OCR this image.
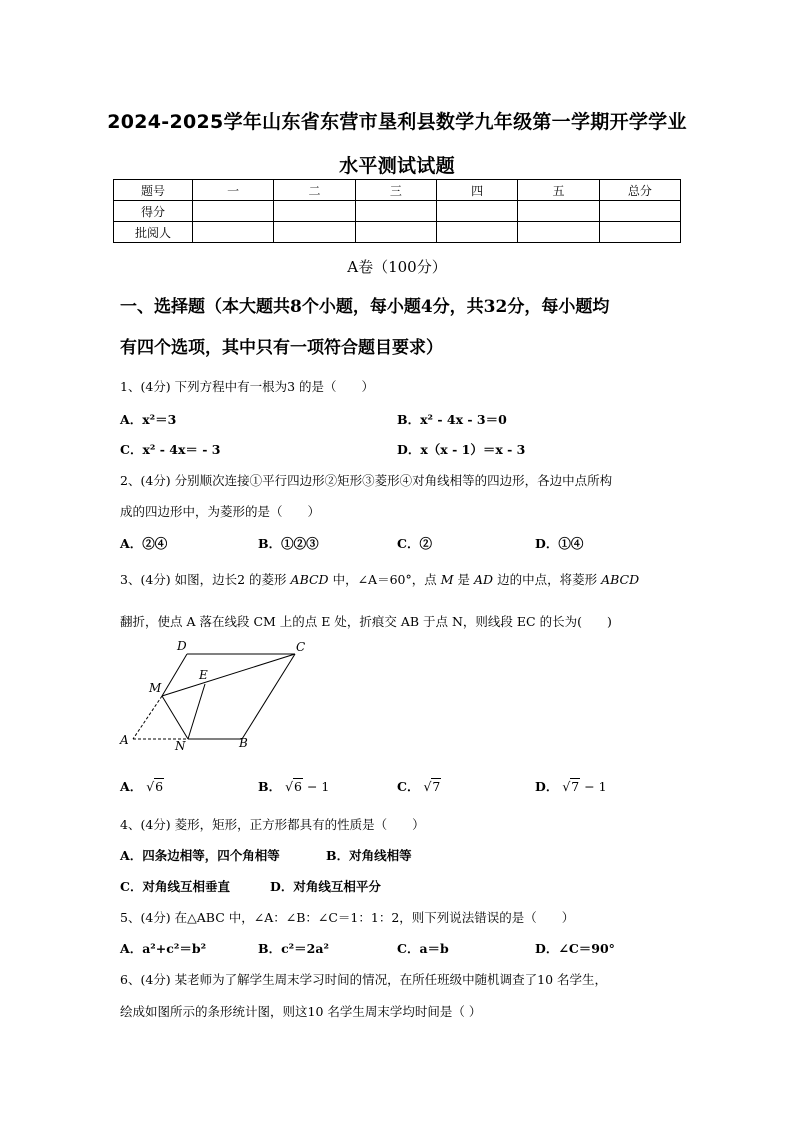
2024-2025学年山东省东营市垦利县数学九年级第一学期开学学业
水平测试试题
题号	一	二	三	四	五	总分
得分						
批阅人						
A卷（100分）
一、选择题（本大题共8个小题，每小题4分，共32分，每小题均
有四个选项，其中只有一项符合题目要求）
1、(4分) 下列方程中有一根为3 的是（　　）
A．x²＝3	B．x² - 4x - 3＝0
C．x² - 4x＝ - 3	D．x（x - 1）＝x - 3
2、(4分) 分别顺次连接①平行四边形②矩形③菱形④对角线相等的四边形，各边中点所构
成的四边形中，为菱形的是（　　）
A．②④	B．①②③	C．②	D．①④
3、(4分) 如图，边长2 的菱形 ABCD 中，∠A＝60°，点 M 是 AD 边的中点，将菱形 ABCD
翻折，使点 A 落在线段 CM 上的点 E 处，折痕交 AB 于点 N，则线段 EC 的长为(　　)
D	C
E
M
A	N	B
A． √6	B． √6 − 1	C． √7	D． √7 − 1
4、(4分) 菱形，矩形，正方形都具有的性质是（　　）
A．四条边相等，四个角相等	B．对角线相等
C．对角线互相垂直	D．对角线互相平分
5、(4分) 在△ABC 中，∠A：∠B：∠C＝1：1：2，则下列说法错误的是（　　）
A．a²+c²＝b²	B．c²＝2a²	C．a＝b	D．∠C＝90°
6、(4分) 某老师为了解学生周末学习时间的情况，在所任班级中随机调查了10 名学生，
绘成如图所示的条形统计图，则这10 名学生周末学均时间是（ ）
